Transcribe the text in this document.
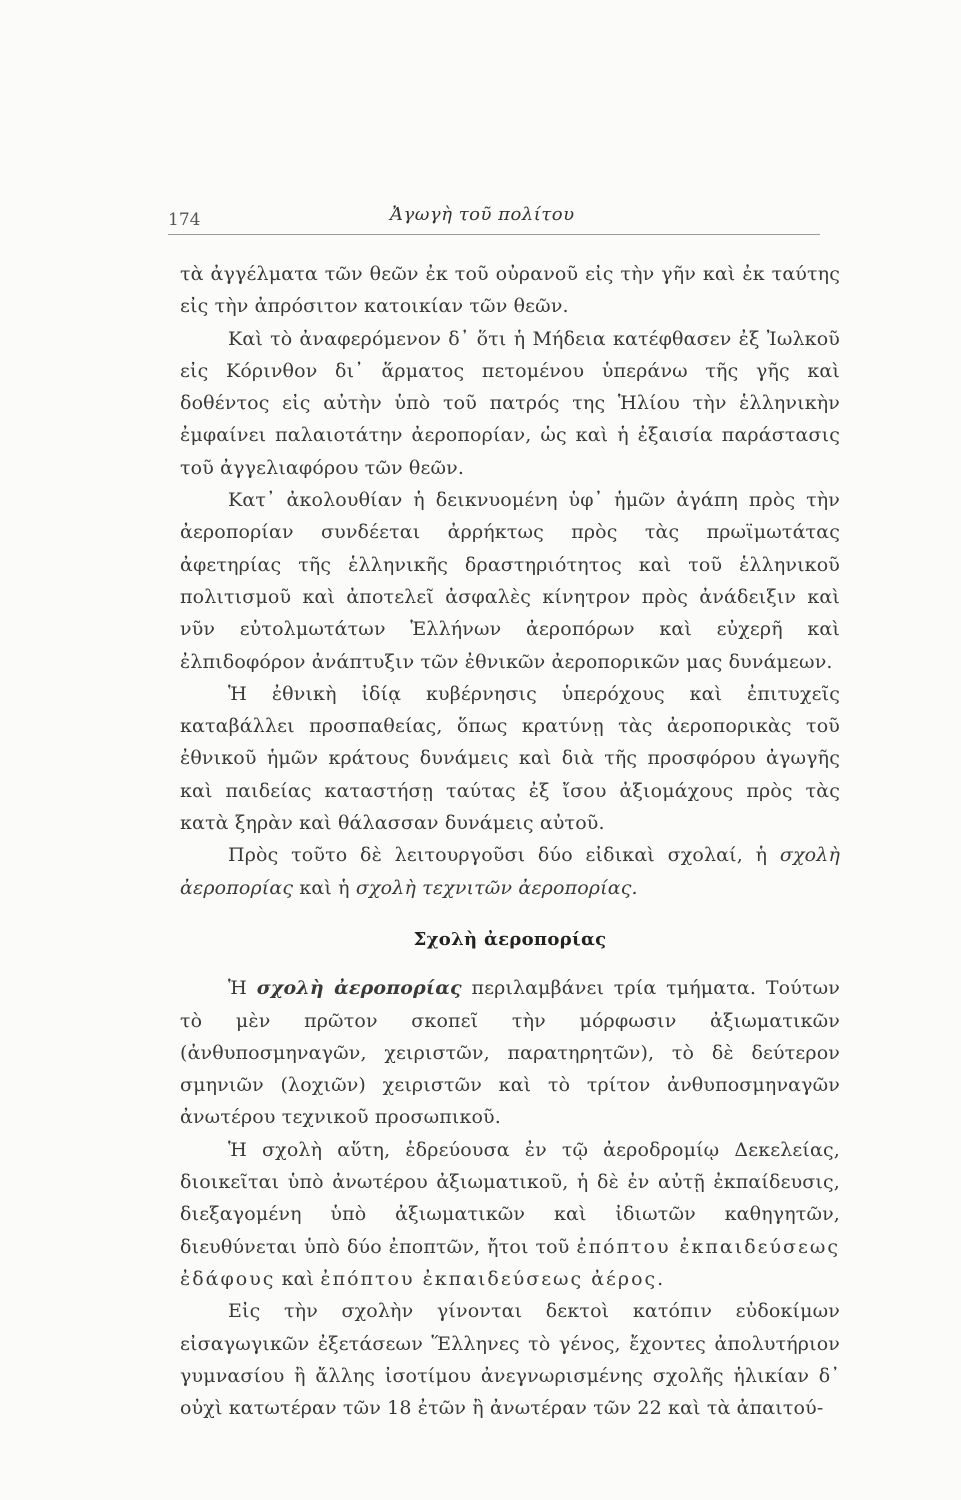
174	Ἀγωγὴ τοῦ πολίτου

τὰ ἀγγέλματα τῶν θεῶν ἐκ τοῦ οὐρανοῦ εἰς τὴν γῆν καὶ ἐκ ταύτης εἰς τὴν ἀπρόσιτον κατοικίαν τῶν θεῶν.

Καὶ τὸ ἀναφερόμενον δ᾽ ὅτι ἡ Μήδεια κατέφθασεν ἐξ Ἰωλκοῦ εἰς Κόρινθον δι᾽ ἅρματος πετομένου ὑπεράνω τῆς γῆς καὶ δοθέντος εἰς αὐτὴν ὑπὸ τοῦ πατρός της Ἡλίου τὴν ἑλληνικὴν ἐμφαίνει παλαιοτάτην ἀεροπορίαν, ὡς καὶ ἡ ἐξαισία παράστασις τοῦ ἀγγελιαφόρου τῶν θεῶν.

Κατ᾽ ἀκολουθίαν ἡ δεικνυομένη ὑφ᾽ ἡμῶν ἀγάπη πρὸς τὴν ἀεροπορίαν συνδέεται ἀρρήκτως πρὸς τὰς πρωϊμωτάτας ἀφετηρίας τῆς ἑλληνικῆς δραστηριότητος καὶ τοῦ ἑλληνικοῦ πολιτισμοῦ καὶ ἀποτελεῖ ἀσφαλὲς κίνητρον πρὸς ἀνάδειξιν καὶ νῦν εὐτολμωτάτων Ἑλλήνων ἀεροπόρων καὶ εὐχερῆ καὶ ἐλπιδοφόρον ἀνάπτυξιν τῶν ἐθνικῶν ἀεροπορικῶν μας δυνάμεων.

Ἡ ἐθνικὴ ἰδίᾳ κυβέρνησις ὑπερόχους καὶ ἐπιτυχεῖς καταβάλλει προσπαθείας, ὅπως κρατύνῃ τὰς ἀεροπορικὰς τοῦ ἐθνικοῦ ἡμῶν κράτους δυνάμεις καὶ διὰ τῆς προσφόρου ἀγωγῆς καὶ παιδείας καταστήσῃ ταύτας ἐξ ἴσου ἀξιομάχους πρὸς τὰς κατὰ ξηρὰν καὶ θάλασσαν δυνάμεις αὐτοῦ.

Πρὸς τοῦτο δὲ λειτουργοῦσι δύο εἰδικαὶ σχολαί, ἡ σχολὴ ἀεροπορίας καὶ ἡ σχολὴ τεχνιτῶν ἀεροπορίας.

Σχολὴ ἀεροπορίας

Ἡ σχολὴ ἀεροπορίας περιλαμβάνει τρία τμήματα. Τούτων τὸ μὲν πρῶτον σκοπεῖ τὴν μόρφωσιν ἀξιωματικῶν (ἀνθυποσμηναγῶν, χειριστῶν, παρατηρητῶν), τὸ δὲ δεύτερον σμηνιῶν (λοχιῶν) χειριστῶν καὶ τὸ τρίτον ἀνθυποσμηναγῶν ἀνωτέρου τεχνικοῦ προσωπικοῦ.

Ἡ σχολὴ αὕτη, ἑδρεύουσα ἐν τῷ ἀεροδρομίῳ Δεκελείας, διοικεῖται ὑπὸ ἀνωτέρου ἀξιωματικοῦ, ἡ δὲ ἐν αὐτῇ ἐκπαίδευσις, διεξαγομένη ὑπὸ ἀξιωματικῶν καὶ ἰδιωτῶν καθηγητῶν, διευθύνεται ὑπὸ δύο ἐποπτῶν, ἤτοι τοῦ ἐπόπτου ἐκπαιδεύσεως ἐδάφους καὶ ἐπόπτου ἐκπαιδεύσεως ἀέρος.

Εἰς τὴν σχολὴν γίνονται δεκτοὶ κατόπιν εὐδοκίμων εἰσαγωγικῶν ἐξετάσεων Ἕλληνες τὸ γένος, ἔχοντες ἀπολυτήριον γυμνασίου ἢ ἄλλης ἰσοτίμου ἀνεγνωρισμένης σχολῆς ἡλικίαν δ᾽ οὐχὶ κατωτέραν τῶν 18 ἐτῶν ἢ ἀνωτέραν τῶν 22 καὶ τὰ ἀπαιτού-
